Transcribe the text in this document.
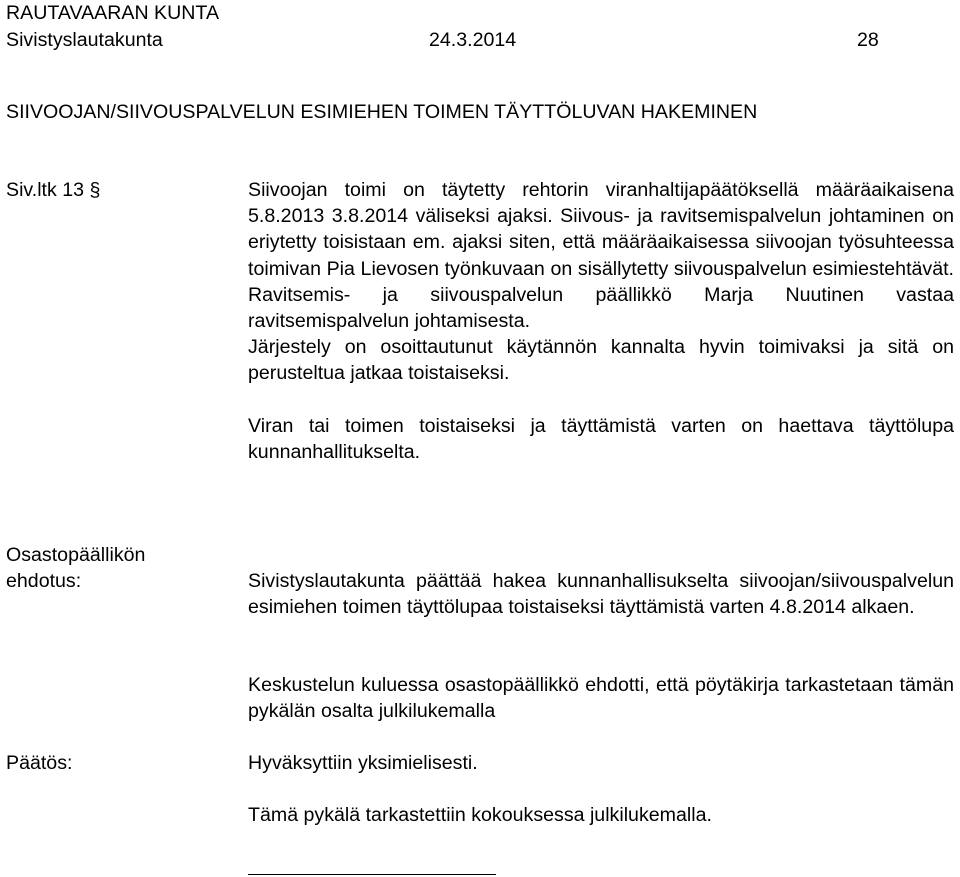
RAUTAVAARAN KUNTA
Sivistyslautakunta	24.3.2014	28
SIIVOOJAN/SIIVOUSPALVELUN ESIMIEHEN TOIMEN TÄYTTÖLUVAN HAKEMINEN
Siv.ltk 13 §	Siivoojan toimi on täytetty rehtorin viranhaltijapäätöksellä määräaikaisena 5.8.2013 3.8.2014 väliseksi ajaksi. Siivous- ja ravitsemispalvelun johtaminen on eriytetty toisistaan em. ajaksi siten, että määräaikaisessa siivoojan työsuhteessa toimivan Pia Lievosen työnkuvaan on sisällytetty siivouspalvelun esimiestehtävät. Ravitsemis- ja siivouspalvelun päällikkö Marja Nuutinen vastaa ravitsemispalvelun johtamisesta.

Järjestely on osoittautunut käytännön kannalta hyvin toimivaksi ja sitä on perusteltua jatkaa toistaiseksi.

Viran tai toimen toistaiseksi ja täyttämistä varten on haettava täyttölupa kunnanhallitukselta.

Osastopäällikön
ehdotus:	Sivistyslautakunta päättää hakea kunnanhallisukselta siivoojan/siivouspalvelun esimiehen toimen täyttölupaa toistaiseksi täyttämistä varten 4.8.2014 alkaen.

Keskustelun kuluessa osastopäällikkö ehdotti, että pöytäkirja tarkastetaan tämän pykälän osalta julkilukemalla

Päätös:	Hyväksyttiin yksimielisesti.
Tämä pykälä tarkastettiin kokouksessa julkilukemalla.
